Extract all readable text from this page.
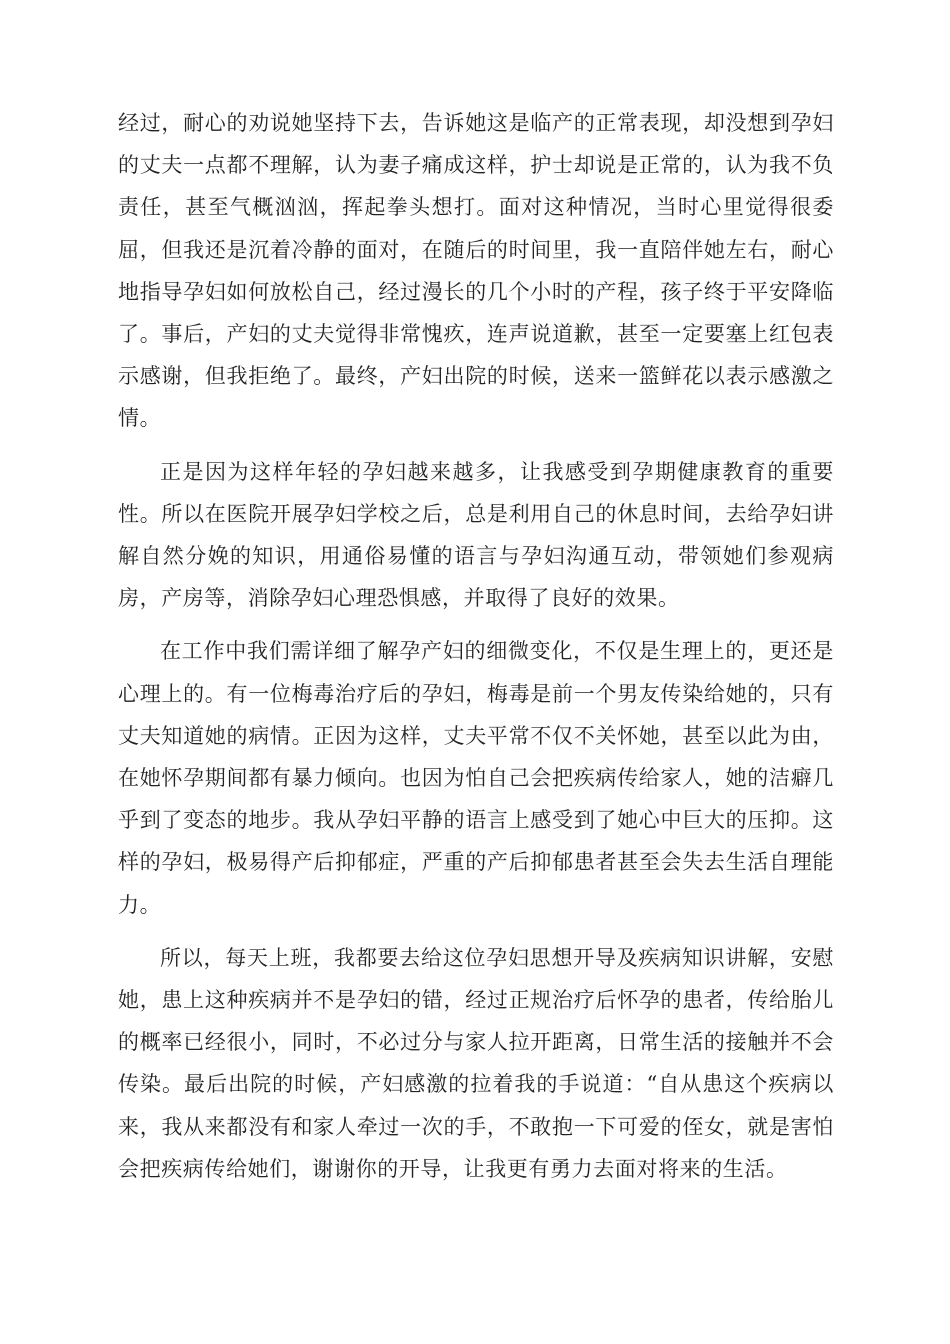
经过，耐心的劝说她坚持下去，告诉她这是临产的正常表现，却没想到孕妇的丈夫一点都不理解，认为妻子痛成这样，护士却说是正常的，认为我不负责任，甚至气概汹汹，挥起拳头想打。面对这种情况，当时心里觉得很委屈，但我还是沉着冷静的面对，在随后的时间里，我一直陪伴她左右，耐心地指导孕妇如何放松自己，经过漫长的几个小时的产程，孩子终于平安降临了。事后，产妇的丈夫觉得非常愧疚，连声说道歉，甚至一定要塞上红包表示感谢，但我拒绝了。最终，产妇出院的时候，送来一篮鲜花以表示感激之情。

正是因为这样年轻的孕妇越来越多，让我感受到孕期健康教育的重要性。所以在医院开展孕妇学校之后，总是利用自己的休息时间，去给孕妇讲解自然分娩的知识，用通俗易懂的语言与孕妇沟通互动，带领她们参观病房，产房等，消除孕妇心理恐惧感，并取得了良好的效果。

在工作中我们需详细了解孕产妇的细微变化，不仅是生理上的，更还是心理上的。有一位梅毒治疗后的孕妇，梅毒是前一个男友传染给她的，只有丈夫知道她的病情。正因为这样，丈夫平常不仅不关怀她，甚至以此为由，在她怀孕期间都有暴力倾向。也因为怕自己会把疾病传给家人，她的洁癖几乎到了变态的地步。我从孕妇平静的语言上感受到了她心中巨大的压抑。这样的孕妇，极易得产后抑郁症，严重的产后抑郁患者甚至会失去生活自理能力。

所以，每天上班，我都要去给这位孕妇思想开导及疾病知识讲解，安慰她，患上这种疾病并不是孕妇的错，经过正规治疗后怀孕的患者，传给胎儿的概率已经很小，同时，不必过分与家人拉开距离，日常生活的接触并不会传染。最后出院的时候，产妇感激的拉着我的手说道：“自从患这个疾病以来，我从来都没有和家人牵过一次的手，不敢抱一下可爱的侄女，就是害怕会把疾病传给她们，谢谢你的开导，让我更有勇力去面对将来的生活。
